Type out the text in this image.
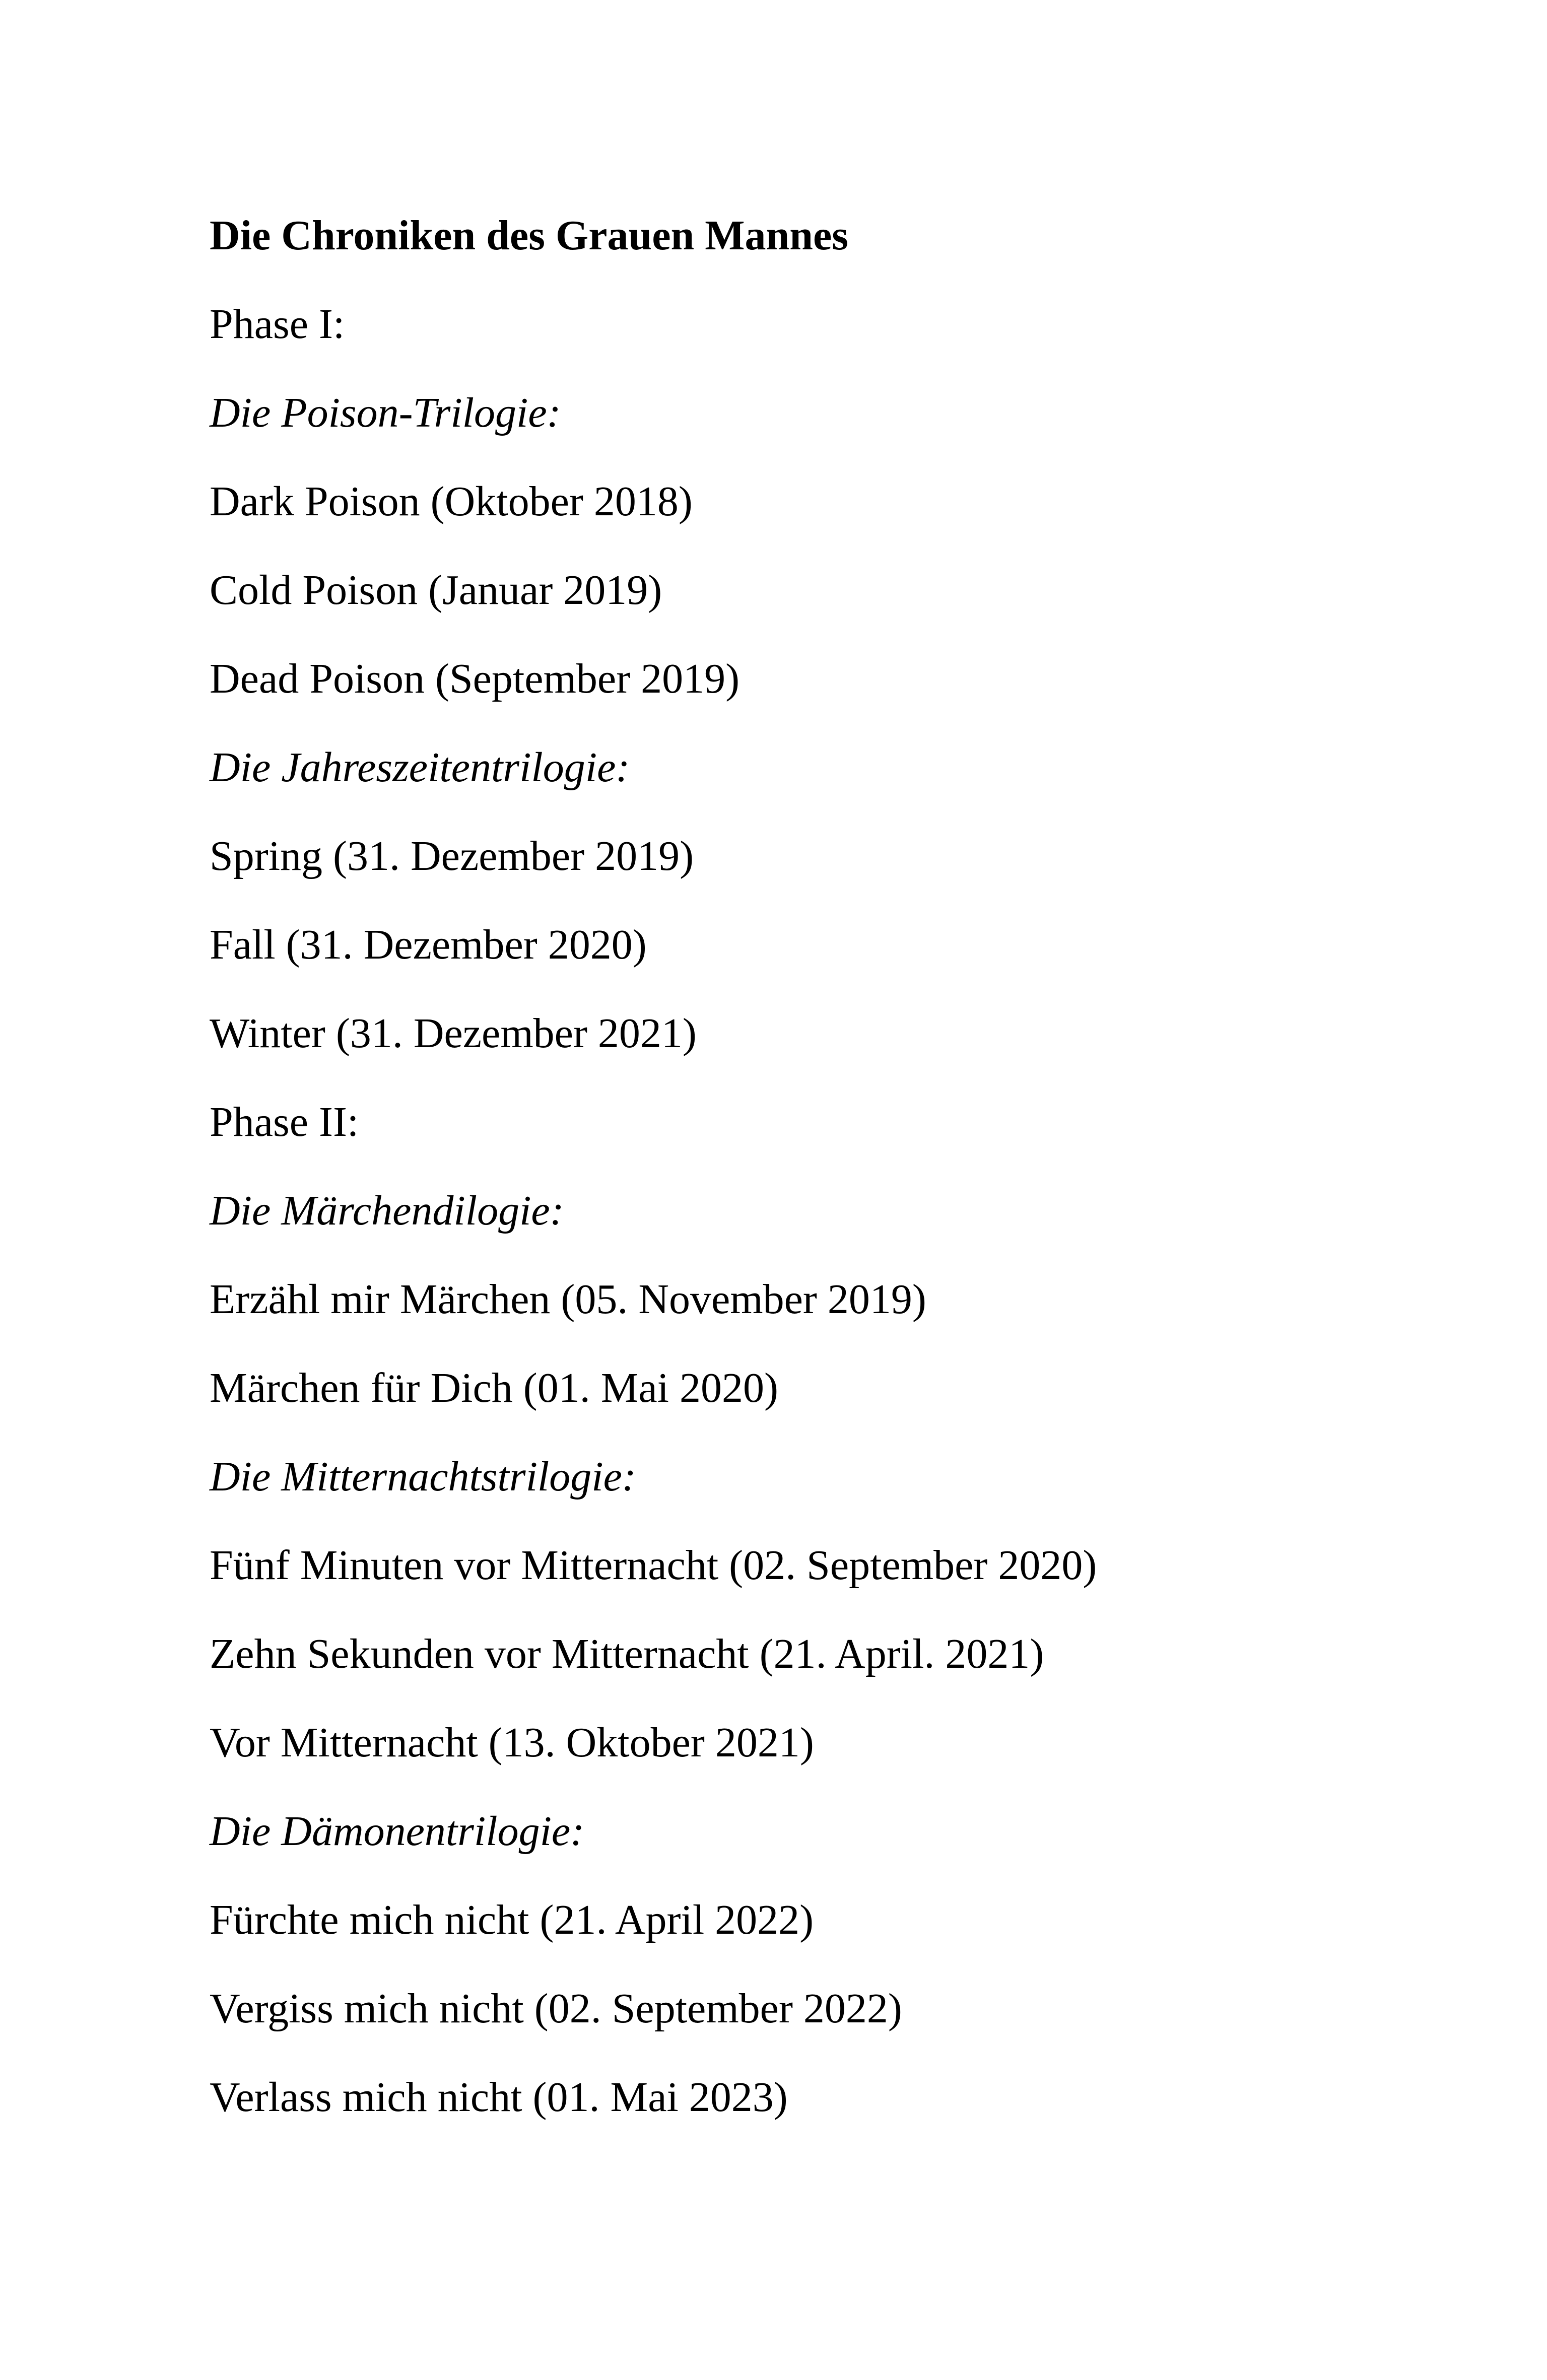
Die Chroniken des Grauen Mannes
Phase I:
Die Poison-Trilogie:
Dark Poison (Oktober 2018)
Cold Poison (Januar 2019)
Dead Poison (September 2019)
Die Jahreszeitentrilogie:
Spring (31. Dezember 2019)
Fall (31. Dezember 2020)
Winter (31. Dezember 2021)
Phase II:
Die Märchendilogie:
Erzähl mir Märchen (05. November 2019)
Märchen für Dich (01. Mai 2020)
Die Mitternachtstrilogie:
Fünf Minuten vor Mitternacht (02. September 2020)
Zehn Sekunden vor Mitternacht (21. April. 2021)
Vor Mitternacht (13. Oktober 2021)
Die Dämonentrilogie:
Fürchte mich nicht (21. April 2022)
Vergiss mich nicht (02. September 2022)
Verlass mich nicht (01. Mai 2023)
